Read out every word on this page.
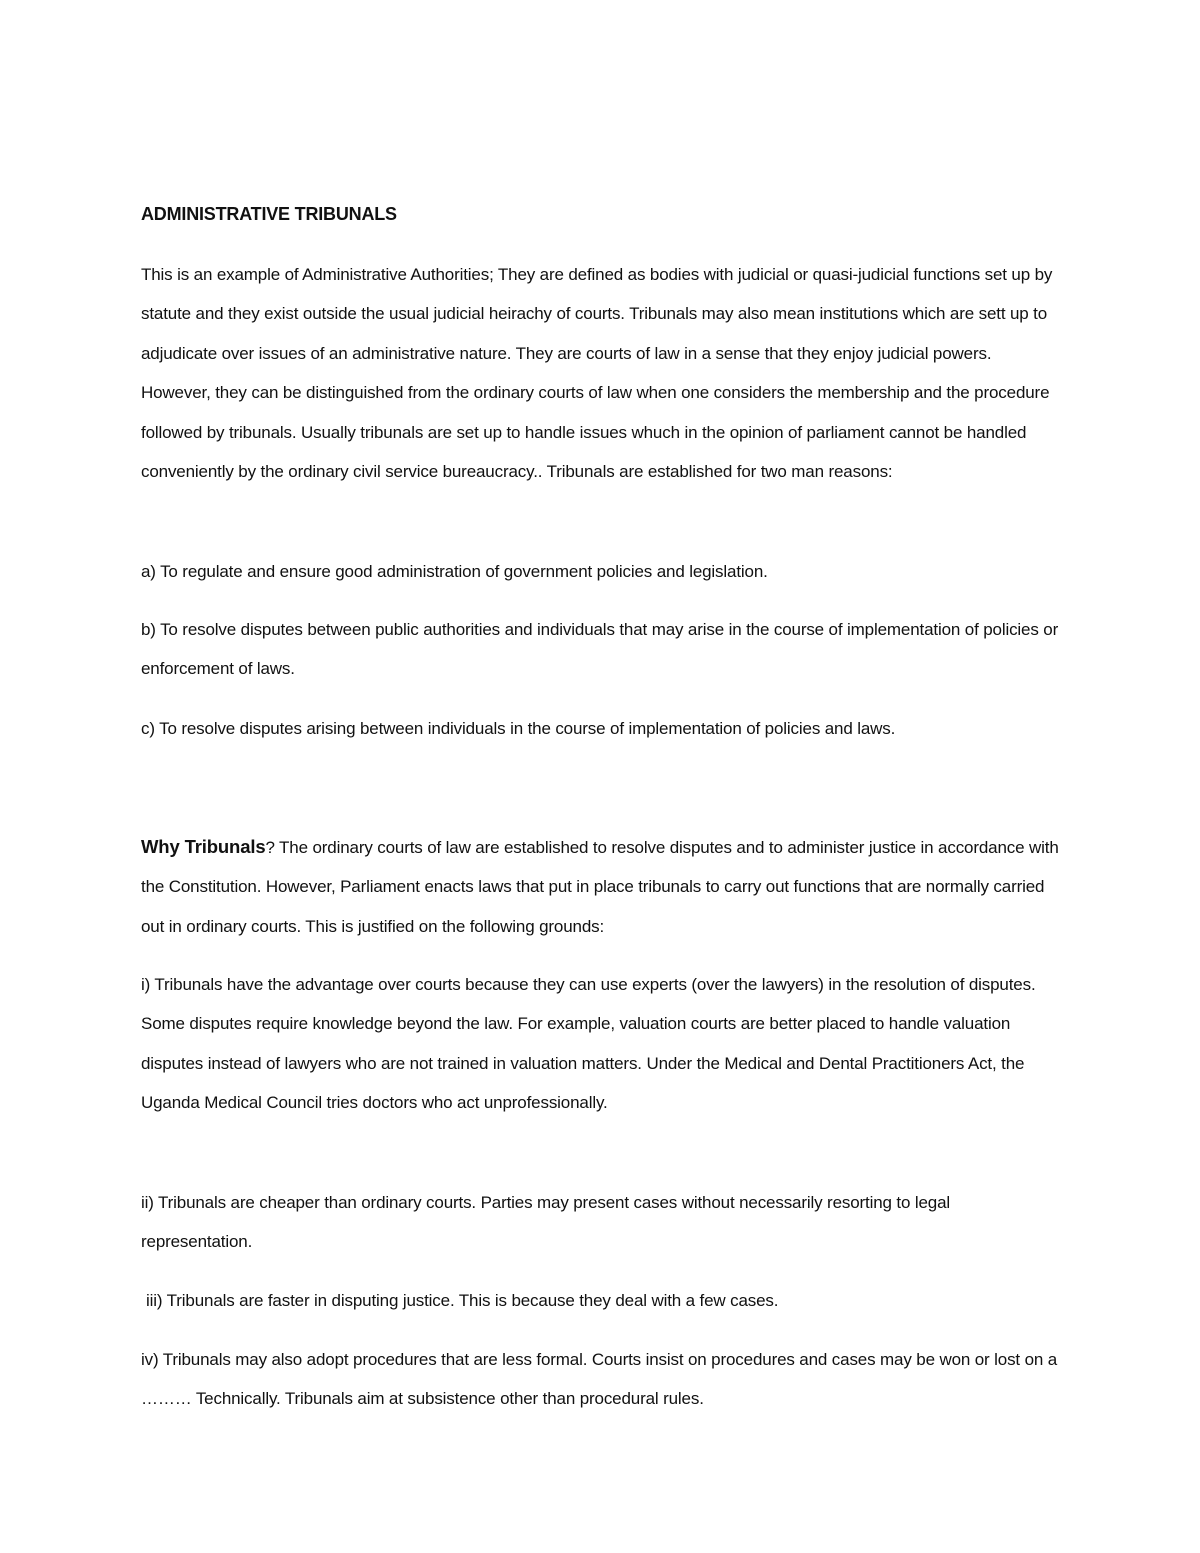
ADMINISTRATIVE TRIBUNALS

This is an example of Administrative Authorities; They are defined as bodies with judicial or quasi-judicial functions set up by statute and they exist outside the usual judicial heirachy of courts. Tribunals may also mean institutions which are sett up to adjudicate over issues of an administrative nature. They are courts of law in a sense that they enjoy judicial powers. However, they can be distinguished from the ordinary courts of law when one considers the membership and the procedure followed by tribunals. Usually tribunals are set up to handle issues whuch in the opinion of parliament cannot be handled conveniently by the ordinary civil service bureaucracy.. Tribunals are established for two man reasons:

a) To regulate and ensure good administration of government policies and legislation.

b) To resolve disputes between public authorities and individuals that may arise in the course of implementation of policies or enforcement of laws.

c) To resolve disputes arising between individuals in the course of implementation of policies and laws.

Why Tribunals? The ordinary courts of law are established to resolve disputes and to administer justice in accordance with the Constitution. However, Parliament enacts laws that put in place tribunals to carry out functions that are normally carried out in ordinary courts. This is justified on the following grounds:

i) Tribunals have the advantage over courts because they can use experts (over the lawyers) in the resolution of disputes. Some disputes require knowledge beyond the law. For example, valuation courts are better placed to handle valuation disputes instead of lawyers who are not trained in valuation matters. Under the Medical and Dental Practitioners Act, the Uganda Medical Council tries doctors who act unprofessionally.

ii) Tribunals are cheaper than ordinary courts. Parties may present cases without necessarily resorting to legal representation.

iii) Tribunals are faster in disputing justice. This is because they deal with a few cases.

iv) Tribunals may also adopt procedures that are less formal. Courts insist on procedures and cases may be won or lost on a ……… Technically. Tribunals aim at subsistence other than procedural rules.
